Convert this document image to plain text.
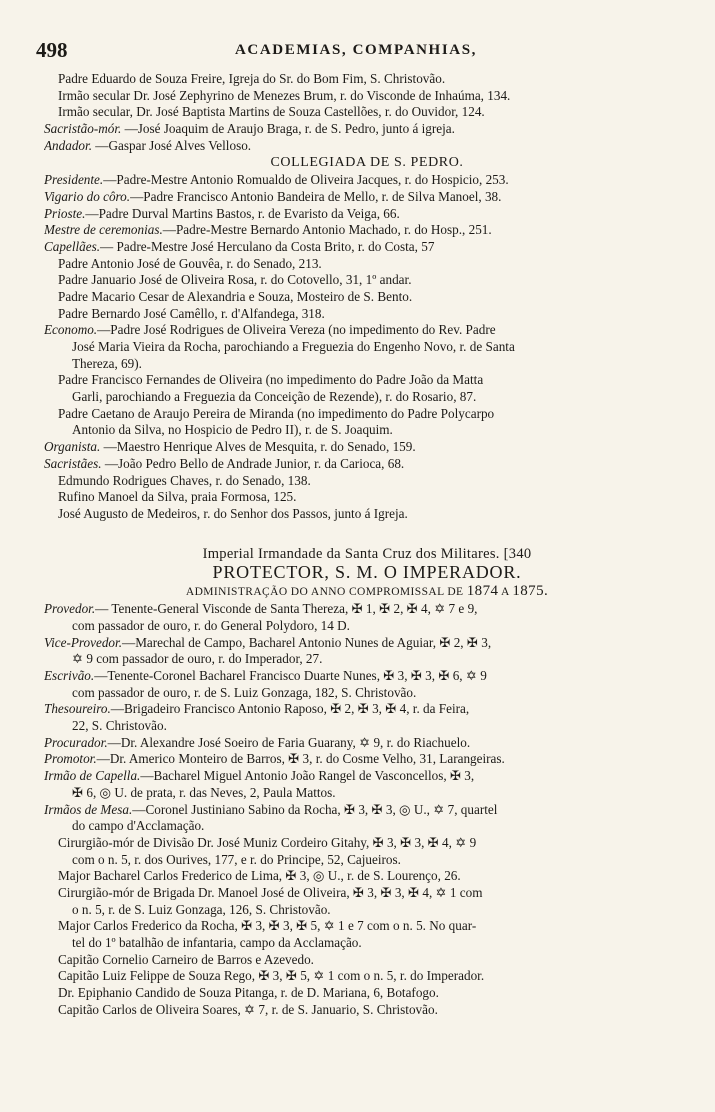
498	ACADEMIAS, COMPANHIAS,
Padre Eduardo de Souza Freire, Igreja do Sr. do Bom Fim, S. Christovão.
Irmão secular Dr. José Zephyrino de Menezes Brum, r. do Visconde de Inhaúma, 134.
Irmão secular, Dr. José Baptista Martins de Souza Castellões, r. do Ouvidor, 124.
Sacristão-mór. —José Joaquim de Araujo Braga, r. de S. Pedro, junto á igreja.
Andador. —Gaspar José Alves Velloso.
COLLEGIADA DE S. PEDRO.
Presidente.—Padre-Mestre Antonio Romualdo de Oliveira Jacques, r. do Hospicio, 253.
Vigario do côro.—Padre Francisco Antonio Bandeira de Mello, r. de Silva Manoel, 38.
Prioste.—Padre Durval Martins Bastos, r. de Evaristo da Veiga, 66.
Mestre de ceremonias.—Padre-Mestre Bernardo Antonio Machado, r. do Hosp., 251.
Capellães.— Padre-Mestre José Herculano da Costa Brito, r. do Costa, 57
Padre Antonio José de Gouvêa, r. do Senado, 213.
Padre Januario José de Oliveira Rosa, r. do Cotovello, 31, 1º andar.
Padre Macario Cesar de Alexandria e Souza, Mosteiro de S. Bento.
Padre Bernardo José Camêllo, r. d'Alfandega, 318.
Economo.—Padre José Rodrigues de Oliveira Vereza (no impedimento do Rev. Padre
José Maria Vieira da Rocha, parochiando a Freguezia do Engenho Novo, r. de Santa
Thereza, 69).
Padre Francisco Fernandes de Oliveira (no impedimento do Padre João da Matta
Garli, parochiando a Freguezia da Conceição de Rezende), r. do Rosario, 87.
Padre Caetano de Araujo Pereira de Miranda (no impedimento do Padre Polycarpo
Antonio da Silva, no Hospicio de Pedro II), r. de S. Joaquim.
Organista. —Maestro Henrique Alves de Mesquita, r. do Senado, 159.
Sacristães. —João Pedro Bello de Andrade Junior, r. da Carioca, 68.
Edmundo Rodrigues Chaves, r. do Senado, 138.
Rufino Manoel da Silva, praia Formosa, 125.
José Augusto de Medeiros, r. do Senhor dos Passos, junto á Igreja.
Imperial Irmandade da Santa Cruz dos Militares. [340
PROTECTOR, S. M. O IMPERADOR.
ADMINISTRAÇÃO DO ANNO COMPROMISSAL DE 1874 A 1875.
Provedor.— Tenente-General Visconde de Santa Thereza, ✠ 1, ✠ 2, ✠ 4, ✡ 7 e 9,
com passador de ouro, r. do General Polydoro, 14 D.
Vice-Provedor.—Marechal de Campo, Bacharel Antonio Nunes de Aguiar, ✠ 2, ✠ 3,
✡ 9 com passador de ouro, r. do Imperador, 27.
Escrivão.—Tenente-Coronel Bacharel Francisco Duarte Nunes, ✠ 3, ✠ 3, ✠ 6, ✡ 9
com passador de ouro, r. de S. Luiz Gonzaga, 182, S. Christovão.
Thesoureiro.—Brigadeiro Francisco Antonio Raposo, ✠ 2, ✠ 3, ✠ 4, r. da Feira,
22, S. Christovão.
Procurador.—Dr. Alexandre José Soeiro de Faria Guarany, ✡ 9, r. do Riachuelo.
Promotor.—Dr. Americo Monteiro de Barros, ✠ 3, r. do Cosme Velho, 31, Larangeiras.
Irmão de Capella.—Bacharel Miguel Antonio João Rangel de Vasconcellos, ✠ 3,
✠ 6, ◎ U. de prata, r. das Neves, 2, Paula Mattos.
Irmãos de Mesa.—Coronel Justiniano Sabino da Rocha, ✠ 3, ✠ 3, ◎ U., ✡ 7, quartel
do campo d'Acclamação.
Cirurgião-mór de Divisão Dr. José Muniz Cordeiro Gitahy, ✠ 3, ✠ 3, ✠ 4, ✡ 9
com o n. 5, r. dos Ourives, 177, e r. do Principe, 52, Cajueiros.
Major Bacharel Carlos Frederico de Lima, ✠ 3, ◎ U., r. de S. Lourenço, 26.
Cirurgião-mór de Brigada Dr. Manoel José de Oliveira, ✠ 3, ✠ 3, ✠ 4, ✡ 1 com
o n. 5, r. de S. Luiz Gonzaga, 126, S. Christovão.
Major Carlos Frederico da Rocha, ✠ 3, ✠ 3, ✠ 5, ✡ 1 e 7 com o n. 5. No quar-
tel do 1º batalhão de infantaria, campo da Acclamação.
Capitão Cornelio Carneiro de Barros e Azevedo.
Capitão Luiz Felippe de Souza Rego, ✠ 3, ✠ 5, ✡ 1 com o n. 5, r. do Imperador.
Dr. Epiphanio Candido de Souza Pitanga, r. de D. Mariana, 6, Botafogo.
Capitão Carlos de Oliveira Soares, ✡ 7, r. de S. Januario, S. Christovão.
